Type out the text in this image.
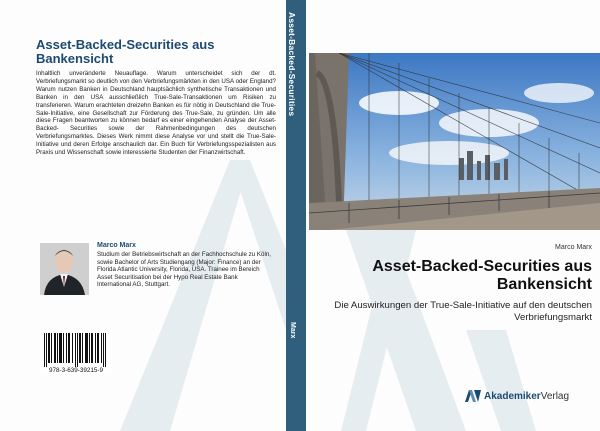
Asset-Backed-Securities aus Bankensicht
Inhaltlich unveränderte Neuauflage. Warum unterscheidet sich der dt. Verbriefungsmarkt so deutlich von den Verbriefungsmärkten in den USA oder England? Warum nutzen Banken in Deutschland hauptsächlich synthetische Transaktionen und Banken in den USA ausschließlich True-Sale-Transaktionen um Risiken zu transferieren. Warum erachteten dreizehn Banken es für nötig in Deutschland die True-Sale-Initiative, eine Gesellschaft zur Förderung des True-Sale, zu gründen. Um alle diese Fragen beantworten zu können bedarf es einer eingehenden Analyse der Asset-Backed- Securities sowie der Rahmenbedingungen des deutschen Verbriefungsmarktes. Dieses Werk nimmt diese Analyse vor und stellt die True-Sale- Initiative und deren Erfolge anschaulich dar. Ein Buch für Verbriefungsspezialisten aus Praxis und Wissenschaft sowie interessierte Studenten der Finanzwirtschaft.
Marco Marx
Studium der Betriebswirtschaft an der Fachhochschule zu Köln, sowie Bachelor of Arts Studiengang (Major: Finance) an der Florida Atlantic University, Florida, USA. Trainee im Bereich Asset Securitisation bei der Hypo Real Estate Bank International AG, Stuttgart.
978-3-639-39215-9
Asset-Backed-Securities
Marx
Marco Marx
Asset-Backed-Securities aus Bankensicht
Die Auswirkungen der True-Sale-Initiative auf den deutschen Verbriefungsmarkt
AkademikerVerlag
